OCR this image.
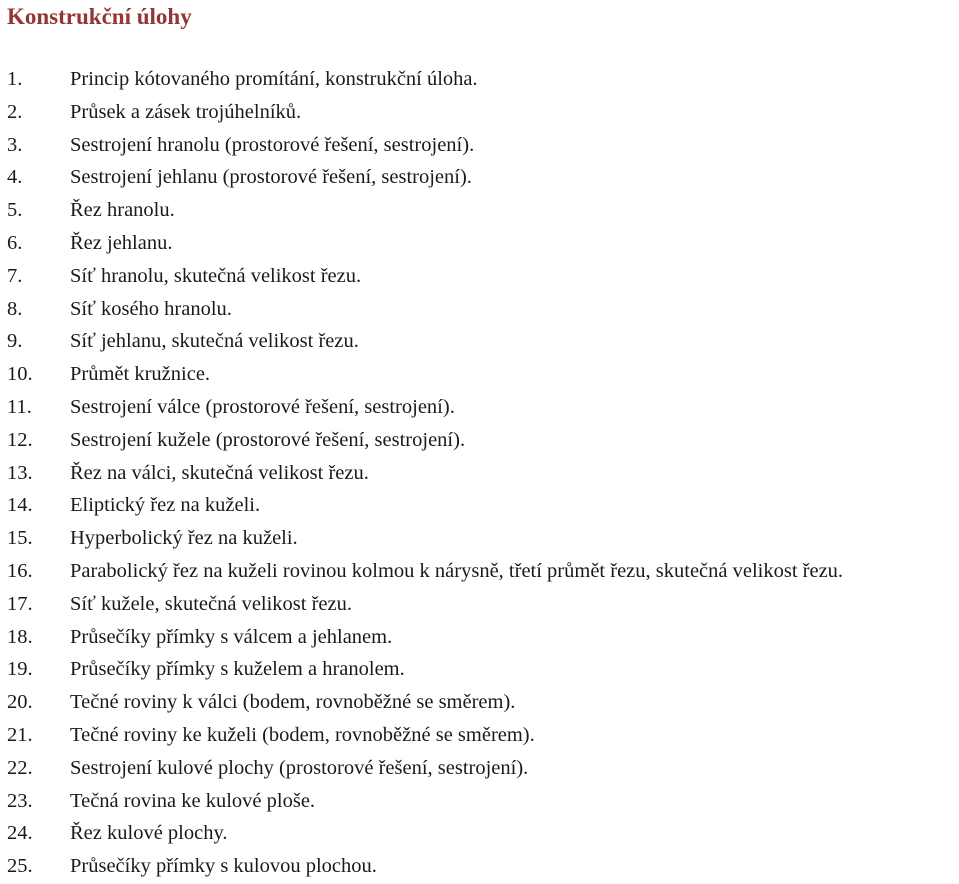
Konstrukční úlohy
1. Princip kótovaného promítání, konstrukční úloha.
2. Průsek a zásek trojúhelníků.
3. Sestrojení hranolu (prostorové řešení, sestrojení).
4. Sestrojení jehlanu (prostorové řešení, sestrojení).
5. Řez hranolu.
6. Řez jehlanu.
7. Síť hranolu, skutečná velikost řezu.
8. Síť kosého hranolu.
9. Síť jehlanu, skutečná velikost řezu.
10. Průmět kružnice.
11. Sestrojení válce (prostorové řešení, sestrojení).
12. Sestrojení kužele (prostorové řešení, sestrojení).
13. Řez na válci, skutečná velikost řezu.
14. Eliptický řez na kuželi.
15. Hyperbolický řez na kuželi.
16. Parabolický řez na kuželi rovinou kolmou k nárysně, třetí průmět řezu, skutečná velikost řezu.
17. Síť kužele, skutečná velikost řezu.
18. Průsečíky přímky s válcem a jehlanem.
19. Průsečíky přímky s kuželem a hranolem.
20. Tečné roviny k válci (bodem, rovnoběžné se směrem).
21. Tečné roviny ke kuželi (bodem, rovnoběžné se směrem).
22. Sestrojení kulové plochy (prostorové řešení, sestrojení).
23. Tečná rovina ke kulové ploše.
24. Řez kulové plochy.
25. Průsečíky přímky s kulovou plochou.
